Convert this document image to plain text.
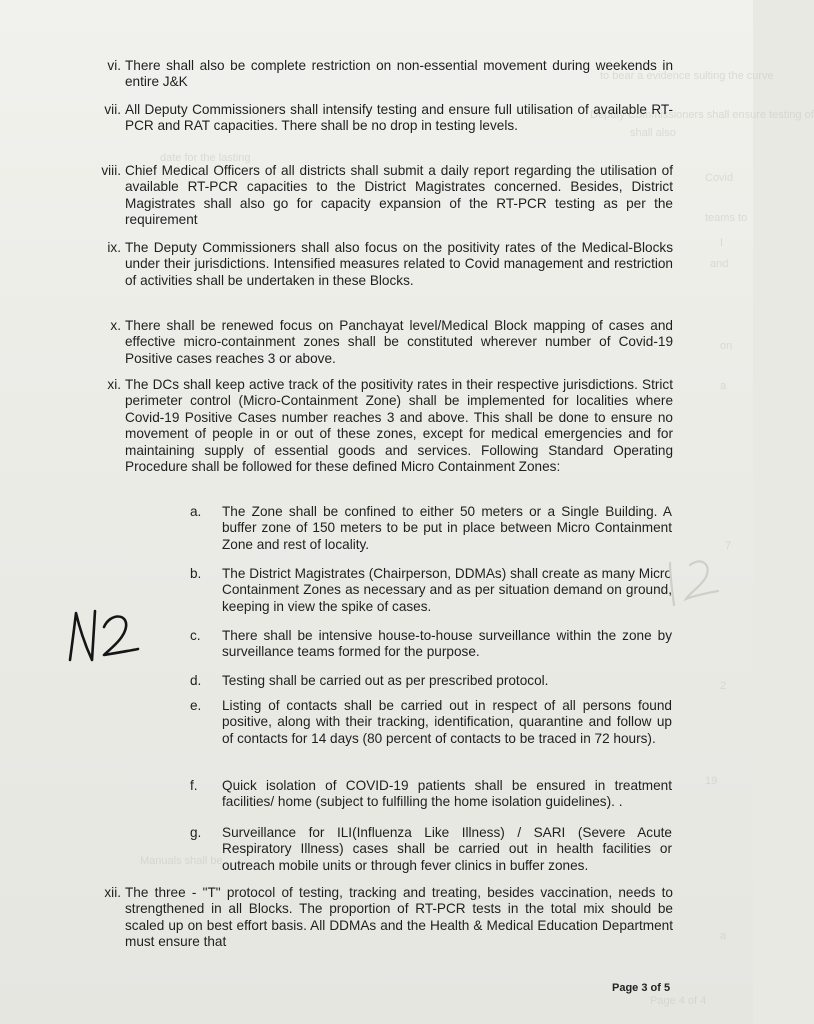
to bear a evidence sulting the curve
Deputy Commissioners shall ensure testing of
shall also
date for the lasting
Covid
teams to
I
and
on
a
Manuals shall be
7
2
19
a
Page 4 of 4
vi. There shall also be complete restriction on non-essential movement during weekends in entire J&K
vii. All Deputy Commissioners shall intensify testing and ensure full utilisation of available RT-PCR and RAT capacities. There shall be no drop in testing levels.
viii. Chief Medical Officers of all districts shall submit a daily report regarding the utilisation of available RT-PCR capacities to the District Magistrates concerned. Besides, District Magistrates shall also go for capacity expansion of the RT-PCR testing as per the requirement
ix. The Deputy Commissioners shall also focus on the positivity rates of the Medical-Blocks under their jurisdictions. Intensified measures related to Covid management and restriction of activities shall be undertaken in these Blocks.
x. There shall be renewed focus on Panchayat level/Medical Block mapping of cases and effective micro-containment zones shall be constituted wherever number of Covid-19 Positive cases reaches 3 or above.
xi. The DCs shall keep active track of the positivity rates in their respective jurisdictions. Strict perimeter control (Micro-Containment Zone) shall be implemented for localities where Covid-19 Positive Cases number reaches 3 and above. This shall be done to ensure no movement of people in or out of these zones, except for medical emergencies and for maintaining supply of essential goods and services. Following Standard Operating Procedure shall be followed for these defined Micro Containment Zones:
a.	The Zone shall be confined to either 50 meters or a Single Building. A buffer zone of 150 meters to be put in place between Micro Containment Zone and rest of locality.
b.	The District Magistrates (Chairperson, DDMAs) shall create as many Micro Containment Zones as necessary and as per situation demand on ground, keeping in view the spike of cases.
c.	There shall be intensive house-to-house surveillance within the zone by surveillance teams formed for the purpose.
d.	Testing shall be carried out as per prescribed protocol.
e.	Listing of contacts shall be carried out in respect of all persons found positive, along with their tracking, identification, quarantine and follow up of contacts for 14 days (80 percent of contacts to be traced in 72 hours).
f.	Quick isolation of COVID-19 patients shall be ensured in treatment facilities/ home (subject to fulfilling the home isolation guidelines). .
g.	Surveillance for ILI(Influenza Like Illness) / SARI (Severe Acute Respiratory Illness) cases shall be carried out in health facilities or outreach mobile units or through fever clinics in buffer zones.
xii. The three - "T" protocol of testing, tracking and treating, besides vaccination, needs to strengthened in all Blocks. The proportion of RT-PCR tests in the total mix should be scaled up on best effort basis. All DDMAs and the Health & Medical Education Department must ensure that
Page 3 of 5
